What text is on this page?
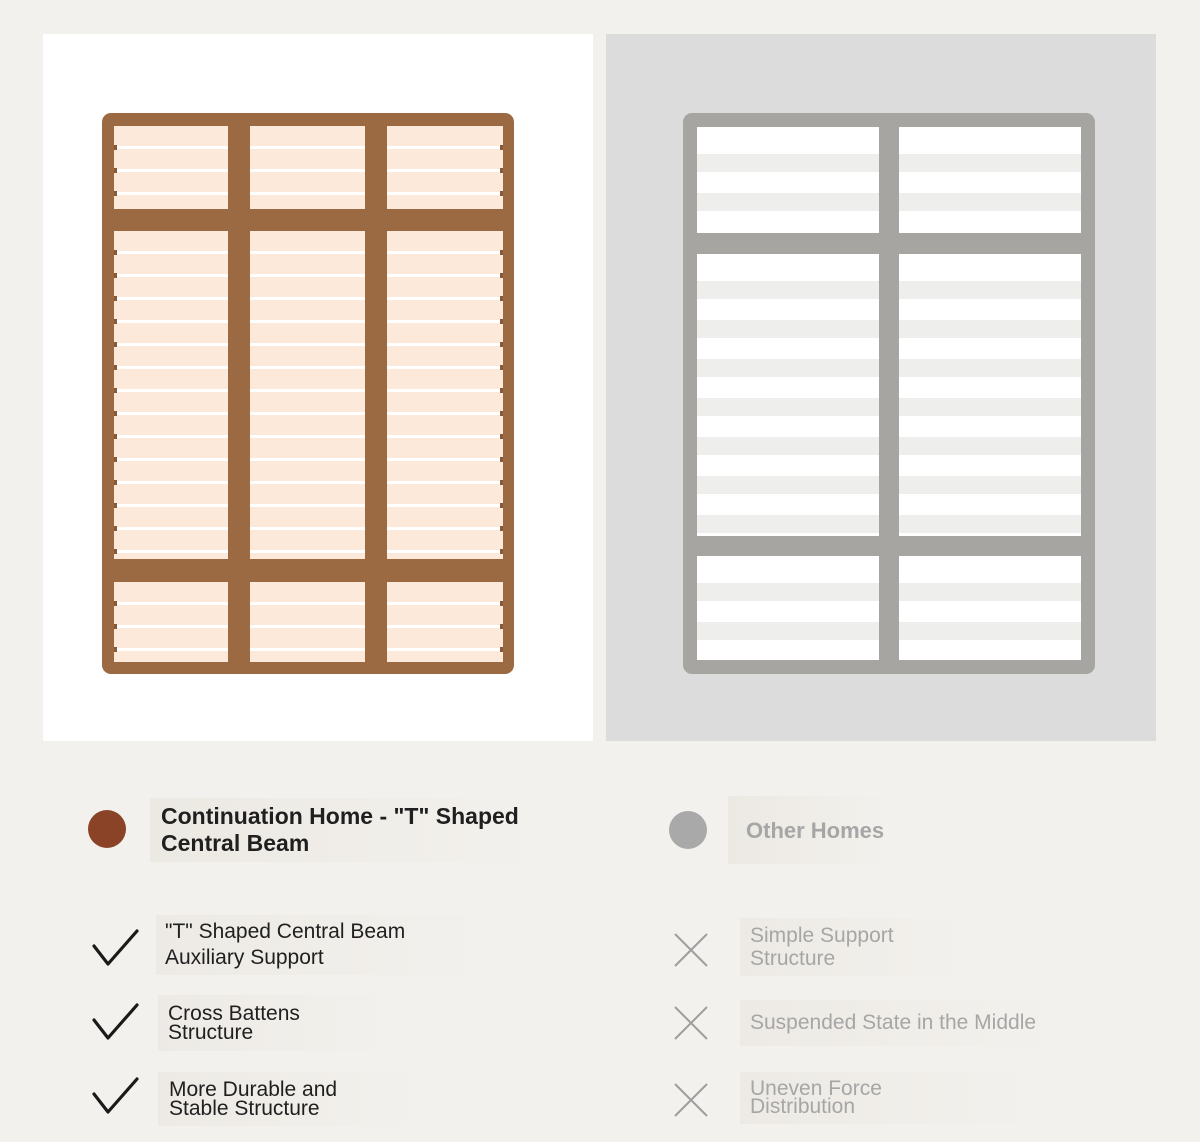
Continuation Home - "T" Shaped Central Beam	Other Homes
"T" Shaped Central Beam Auxiliary Support
Cross Battens Structure
More Durable and Stable Structure
Simple Support Structure
Suspended State in the Middle
Uneven Force Distribution
